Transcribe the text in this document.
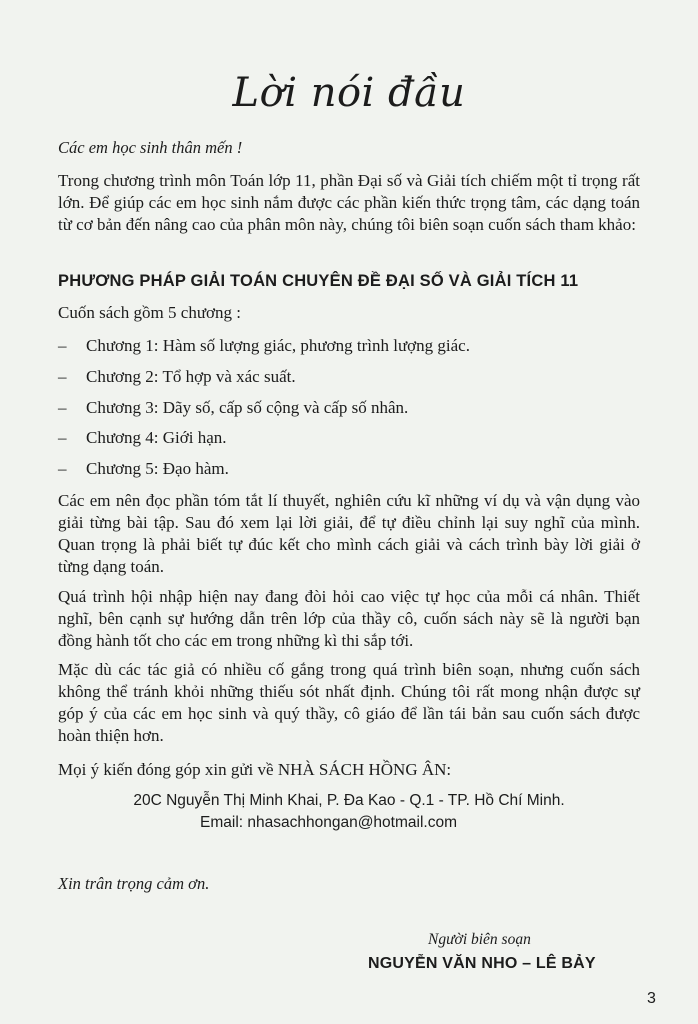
Lời nói đầu
Các em học sinh thân mến !
Trong chương trình môn Toán lớp 11, phần Đại số và Giải tích chiếm một tỉ trọng rất lớn. Để giúp các em học sinh nắm được các phần kiến thức trọng tâm, các dạng toán từ cơ bản đến nâng cao của phân môn này, chúng tôi biên soạn cuốn sách tham khảo:
PHƯƠNG PHÁP GIẢI TOÁN CHUYÊN ĐỀ ĐẠI SỐ VÀ GIẢI TÍCH 11
Cuốn sách gồm 5 chương :
–	Chương 1: Hàm số lượng giác, phương trình lượng giác.
–	Chương 2: Tổ hợp và xác suất.
–	Chương 3: Dãy số, cấp số cộng và cấp số nhân.
–	Chương 4: Giới hạn.
–	Chương 5: Đạo hàm.
Các em nên đọc phần tóm tắt lí thuyết, nghiên cứu kĩ những ví dụ và vận dụng vào giải từng bài tập. Sau đó xem lại lời giải, để tự điều chỉnh lại suy nghĩ của mình. Quan trọng là phải biết tự đúc kết cho mình cách giải và cách trình bày lời giải ở từng dạng toán.
Quá trình hội nhập hiện nay đang đòi hỏi cao việc tự học của mỗi cá nhân. Thiết nghĩ, bên cạnh sự hướng dẫn trên lớp của thầy cô, cuốn sách này sẽ là người bạn đồng hành tốt cho các em trong những kì thi sắp tới.
Mặc dù các tác giả có nhiều cố gắng trong quá trình biên soạn, nhưng cuốn sách không thể tránh khỏi những thiếu sót nhất định. Chúng tôi rất mong nhận được sự góp ý của các em học sinh và quý thầy, cô giáo để lần tái bản sau cuốn sách được hoàn thiện hơn.
Mọi ý kiến đóng góp xin gửi về NHÀ SÁCH HỒNG ÂN:
20C Nguyễn Thị Minh Khai, P. Đa Kao - Q.1 - TP. Hồ Chí Minh.
Email: nhasachhongan@hotmail.com
Xin trân trọng cảm ơn.
Người biên soạn
NGUYỄN VĂN NHO – LÊ BẢY
3
